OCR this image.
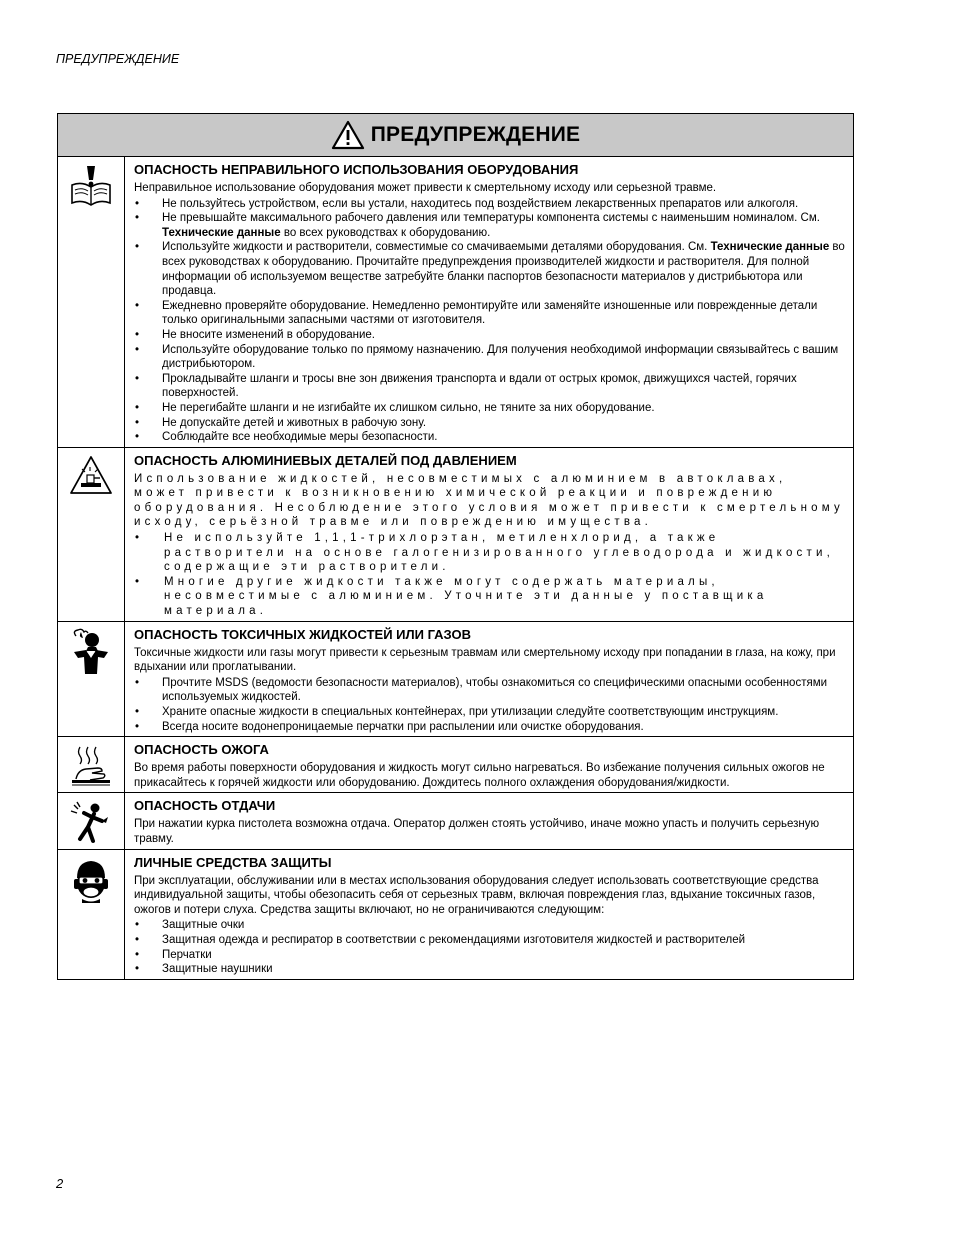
ПРЕДУПРЕЖДЕНИЕ
ПРЕДУПРЕЖДЕНИЕ

ОПАСНОСТЬ НЕПРАВИЛЬНОГО ИСПОЛЬЗОВАНИЯ ОБОРУДОВАНИЯ

Неправильное использование оборудования может привести к смертельному исходу или серьезной травме.

• Не пользуйтесь устройством, если вы устали, находитесь под воздействием лекарственных препаратов или алкоголя.
• Не превышайте максимального рабочего давления или температуры компонента системы с наименьшим номиналом. См. Технические данные во всех руководствах к оборудованию.
• Используйте жидкости и растворители, совместимые со смачиваемыми деталями оборудования. См. Технические данные во всех руководствах к оборудованию. Прочитайте предупреждения производителей жидкости и растворителя. Для полной информации об используемом веществе затребуйте бланки паспортов безопасности материалов у дистрибьютора или продавца.
• Ежедневно проверяйте оборудование. Немедленно ремонтируйте или заменяйте изношенные или поврежденные детали только оригинальными запасными частями от изготовителя.
• Не вносите изменений в оборудование.
• Используйте оборудование только по прямому назначению. Для получения необходимой информации связывайтесь с вашим дистрибьютором.
• Прокладывайте шланги и тросы вне зон движения транспорта и вдали от острых кромок, движущихся частей, горячих поверхностей.
• Не перегибайте шланги и не изгибайте их слишком сильно, не тяните за них оборудование.
• Не допускайте детей и животных в рабочую зону.
• Соблюдайте все необходимые меры безопасности.

ОПАСНОСТЬ АЛЮМИНИЕВЫХ ДЕТАЛЕЙ ПОД ДАВЛЕНИЕМ

Использование жидкостей, несовместимых с алюминием в автоклавах, может привести к возникновению химической реакции и повреждению оборудования. Несоблюдение этого условия может привести к смертельному исходу, серьёзной травме или повреждению имущества.

• Не используйте 1,1,1-трихлорэтан, метиленхлорид, а также растворители на основе галогенизированного углеводорода и жидкости, содержащие эти растворители.
• Многие другие жидкости также могут содержать материалы, несовместимые с алюминием. Уточните эти данные у поставщика материала.

ОПАСНОСТЬ ТОКСИЧНЫХ ЖИДКОСТЕЙ ИЛИ ГАЗОВ

Токсичные жидкости или газы могут привести к серьезным травмам или смертельному исходу при попадании в глаза, на кожу, при вдыхании или проглатывании.

• Прочтите MSDS (ведомости безопасности материалов), чтобы ознакомиться со специфическими опасными особенностями используемых жидкостей.
• Храните опасные жидкости в специальных контейнерах, при утилизации следуйте соответствующим инструкциям.
• Всегда носите водонепроницаемые перчатки при распылении или очистке оборудования.

ОПАСНОСТЬ ОЖОГА

Во время работы поверхности оборудования и жидкость могут сильно нагреваться. Во избежание получения сильных ожогов не прикасайтесь к горячей жидкости или оборудованию. Дождитесь полного охлаждения оборудования/жидкости.

ОПАСНОСТЬ ОТДАЧИ

При нажатии курка пистолета возможна отдача. Оператор должен стоять устойчиво, иначе можно упасть и получить серьезную травму.

ЛИЧНЫЕ СРЕДСТВА ЗАЩИТЫ

При эксплуатации, обслуживании или в местах использования оборудования следует использовать соответствующие средства индивидуальной защиты, чтобы обезопасить себя от серьезных травм, включая повреждения глаз, вдыхание токсичных газов, ожогов и потери слуха. Средства защиты включают, но не ограничиваются следующим:

• Защитные очки
• Защитная одежда и респиратор в соответствии с рекомендациями изготовителя жидкостей и растворителей
• Перчатки
• Защитные наушники
2
